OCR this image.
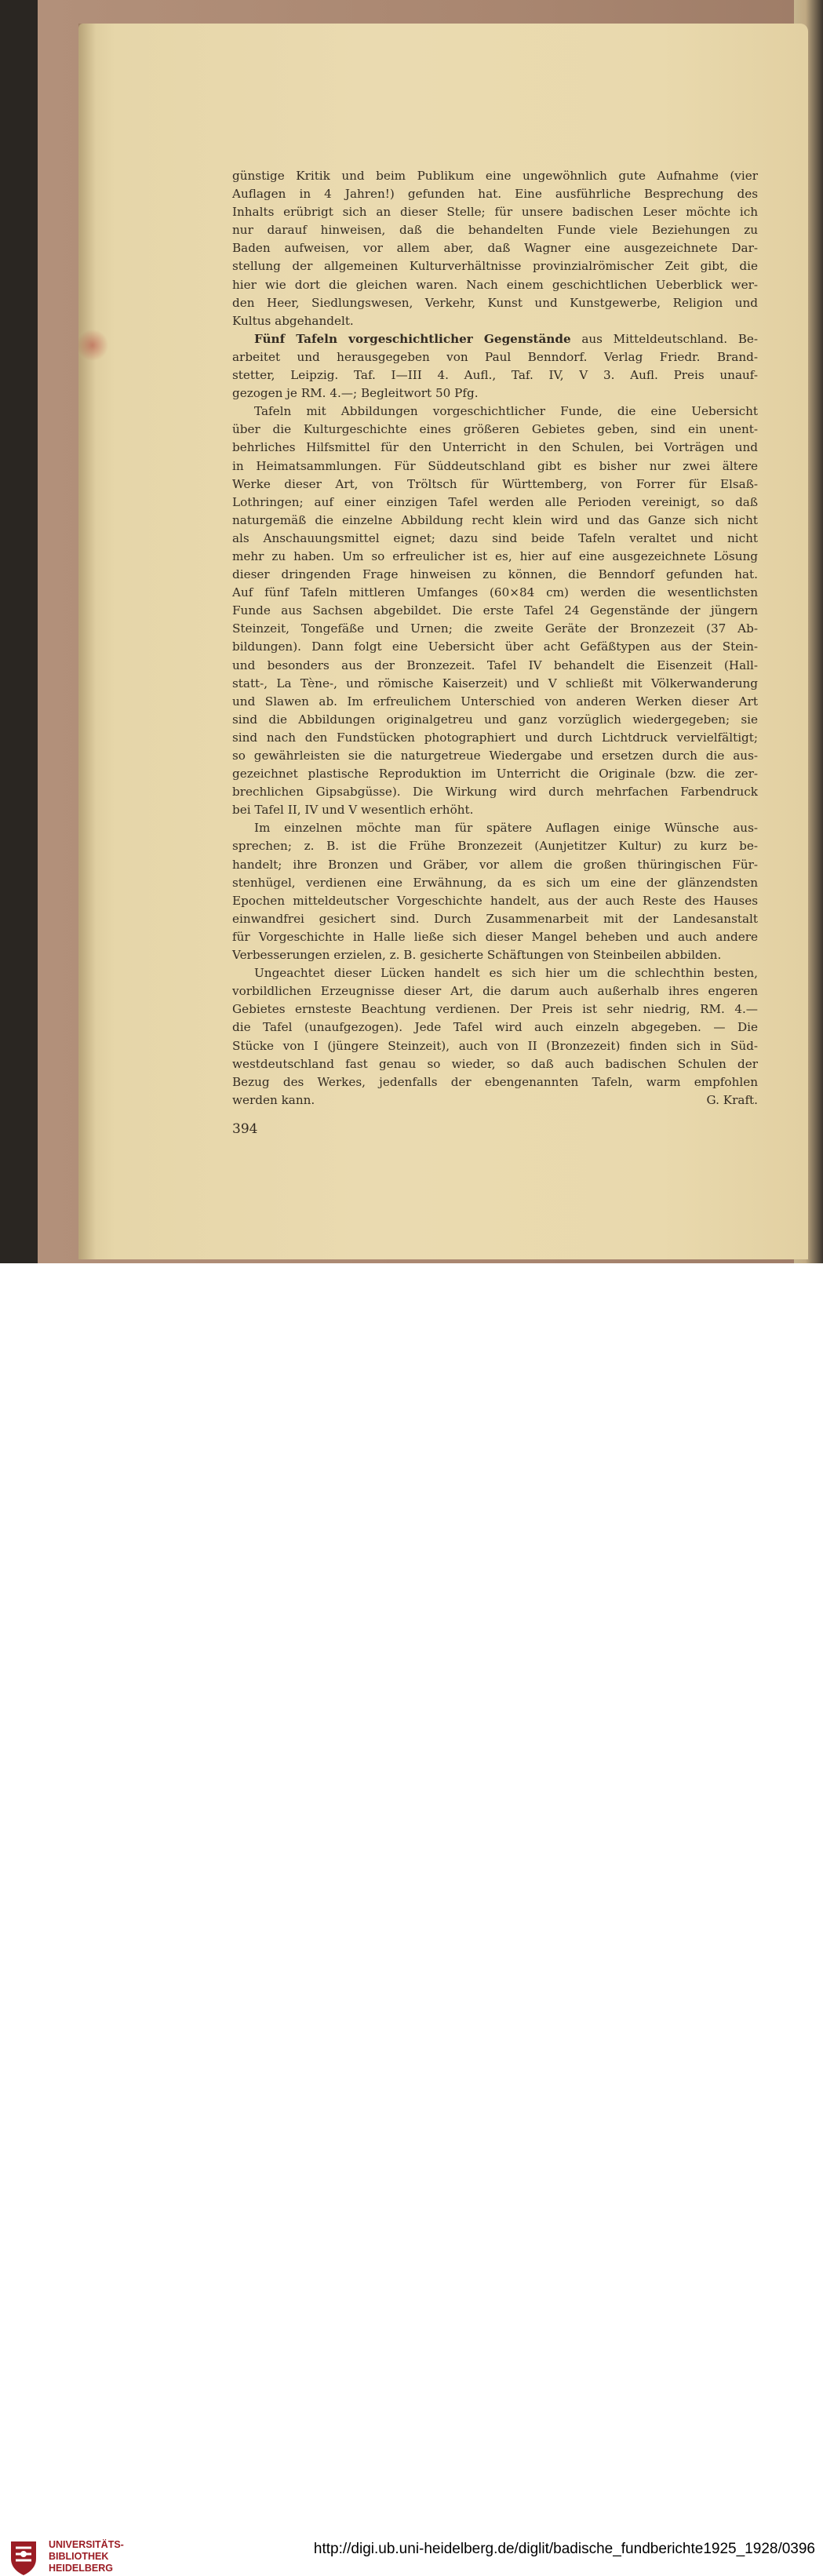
günstige Kritik und beim Publikum eine ungewöhnlich gute Aufnahme (vier
Auflagen in 4 Jahren!) gefunden hat. Eine ausführliche Besprechung des
Inhalts erübrigt sich an dieser Stelle; für unsere badischen Leser möchte ich
nur darauf hinweisen, daß die behandelten Funde viele Beziehungen zu
Baden aufweisen, vor allem aber, daß Wagner eine ausgezeichnete Dar-
stellung der allgemeinen Kulturverhältnisse provinzialrömischer Zeit gibt, die
hier wie dort die gleichen waren. Nach einem geschichtlichen Ueberblick wer-
den Heer, Siedlungswesen, Verkehr, Kunst und Kunstgewerbe, Religion und
Kultus abgehandelt.
Fünf Tafeln vorgeschichtlicher Gegenstände aus Mitteldeutschland. Be-
arbeitet und herausgegeben von Paul Benndorf. Verlag Friedr. Brand-
stetter, Leipzig. Taf. I—III 4. Aufl., Taf. IV, V 3. Aufl. Preis unauf-
gezogen je RM. 4.—; Begleitwort 50 Pfg.
Tafeln mit Abbildungen vorgeschichtlicher Funde, die eine Uebersicht
über die Kulturgeschichte eines größeren Gebietes geben, sind ein unent-
behrliches Hilfsmittel für den Unterricht in den Schulen, bei Vorträgen und
in Heimatsammlungen. Für Süddeutschland gibt es bisher nur zwei ältere
Werke dieser Art, von Tröltsch für Württemberg, von Forrer für Elsaß-
Lothringen; auf einer einzigen Tafel werden alle Perioden vereinigt, so daß
naturgemäß die einzelne Abbildung recht klein wird und das Ganze sich nicht
als Anschauungsmittel eignet; dazu sind beide Tafeln veraltet und nicht
mehr zu haben. Um so erfreulicher ist es, hier auf eine ausgezeichnete Lösung
dieser dringenden Frage hinweisen zu können, die Benndorf gefunden hat.
Auf fünf Tafeln mittleren Umfanges (60×84 cm) werden die wesentlichsten
Funde aus Sachsen abgebildet. Die erste Tafel 24 Gegenstände der jüngern
Steinzeit, Tongefäße und Urnen; die zweite Geräte der Bronzezeit (37 Ab-
bildungen). Dann folgt eine Uebersicht über acht Gefäßtypen aus der Stein-
und besonders aus der Bronzezeit. Tafel IV behandelt die Eisenzeit (Hall-
statt-, La Tène-, und römische Kaiserzeit) und V schließt mit Völkerwanderung
und Slawen ab. Im erfreulichem Unterschied von anderen Werken dieser Art
sind die Abbildungen originalgetreu und ganz vorzüglich wiedergegeben; sie
sind nach den Fundstücken photographiert und durch Lichtdruck vervielfältigt;
so gewährleisten sie die naturgetreue Wiedergabe und ersetzen durch die aus-
gezeichnet plastische Reproduktion im Unterricht die Originale (bzw. die zer-
brechlichen Gipsabgüsse). Die Wirkung wird durch mehrfachen Farbendruck
bei Tafel II, IV und V wesentlich erhöht.
Im einzelnen möchte man für spätere Auflagen einige Wünsche aus-
sprechen; z. B. ist die Frühe Bronzezeit (Aunjetitzer Kultur) zu kurz be-
handelt; ihre Bronzen und Gräber, vor allem die großen thüringischen Für-
stenhügel, verdienen eine Erwähnung, da es sich um eine der glänzendsten
Epochen mitteldeutscher Vorgeschichte handelt, aus der auch Reste des Hauses
einwandfrei gesichert sind. Durch Zusammenarbeit mit der Landesanstalt
für Vorgeschichte in Halle ließe sich dieser Mangel beheben und auch andere
Verbesserungen erzielen, z. B. gesicherte Schäftungen von Steinbeilen abbilden.
Ungeachtet dieser Lücken handelt es sich hier um die schlechthin besten,
vorbildlichen Erzeugnisse dieser Art, die darum auch außerhalb ihres engeren
Gebietes ernsteste Beachtung verdienen. Der Preis ist sehr niedrig, RM. 4.—
die Tafel (unaufgezogen). Jede Tafel wird auch einzeln abgegeben. — Die
Stücke von I (jüngere Steinzeit), auch von II (Bronzezeit) finden sich in Süd-
westdeutschland fast genau so wieder, so daß auch badischen Schulen der
Bezug des Werkes, jedenfalls der ebengenannten Tafeln, warm empfohlen
werden kann.	G. Kraft.
394
UNIVERSITÄTS-
BIBLIOTHEK
HEIDELBERG
http://digi.ub.uni-heidelberg.de/diglit/badische_fundberichte1925_1928/0396
